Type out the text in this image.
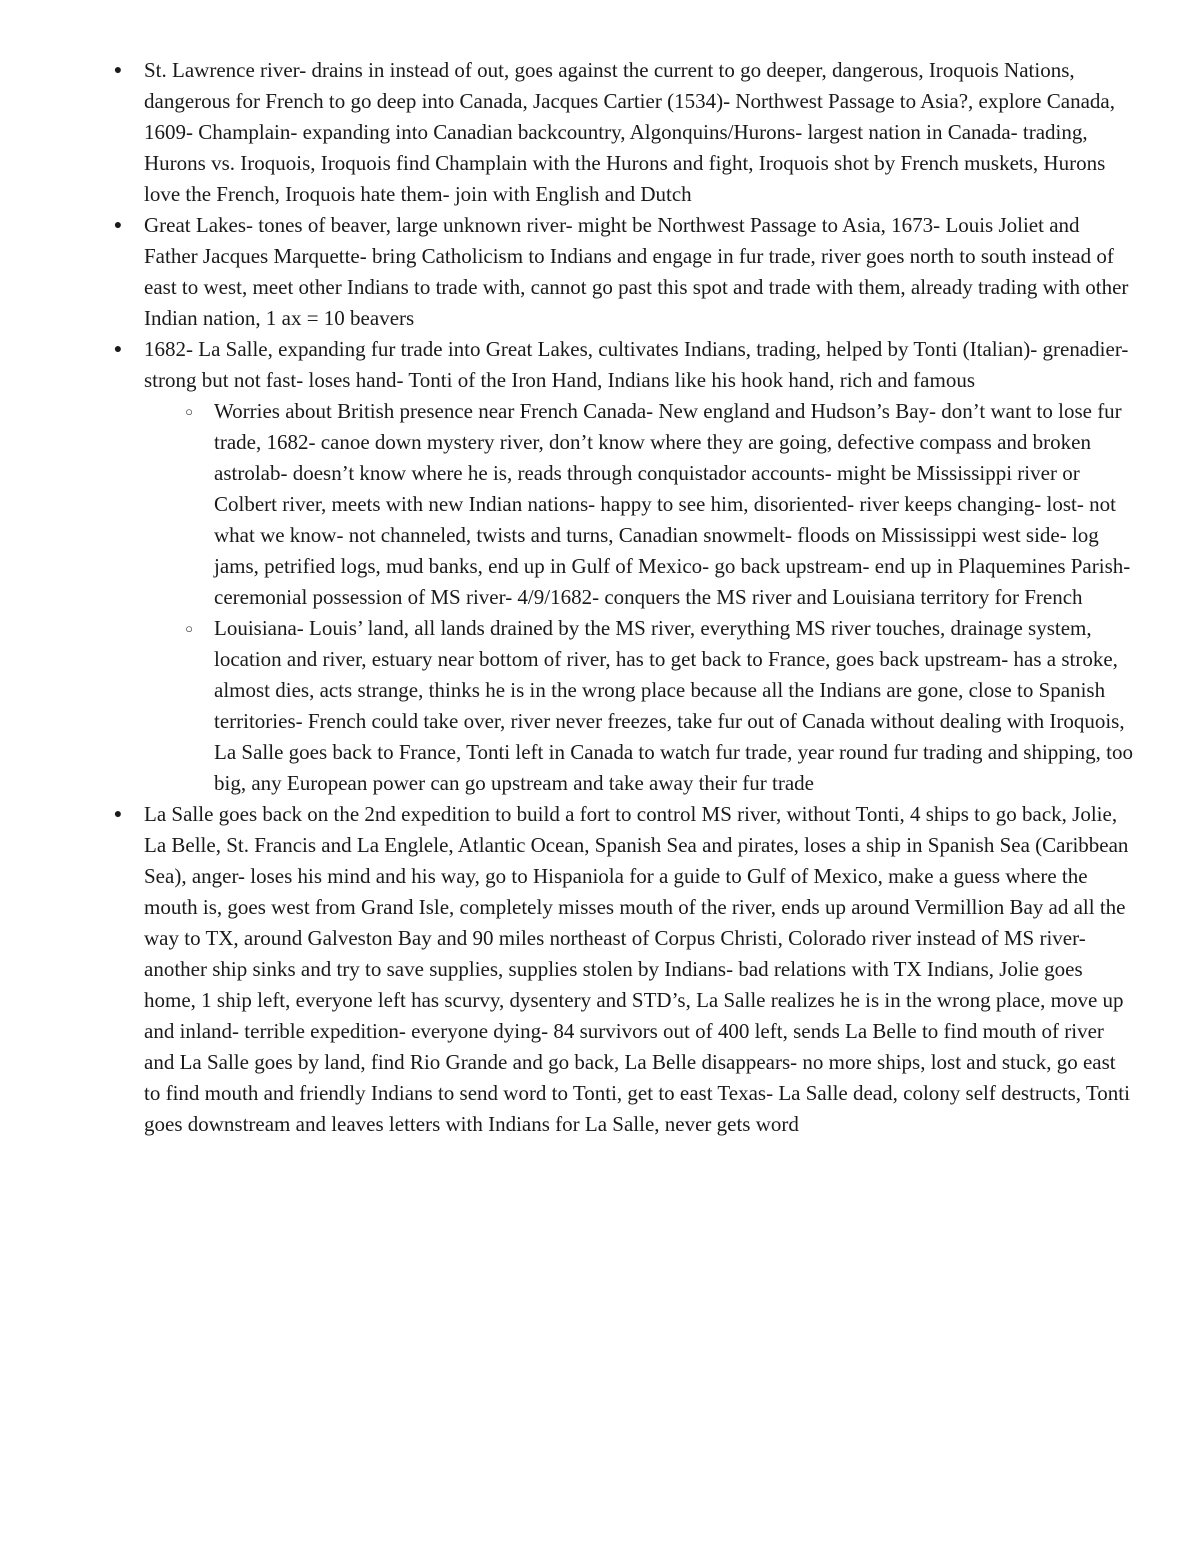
● St. Lawrence river- drains in instead of out, goes against the current to go deeper, dangerous, Iroquois Nations, dangerous for French to go deep into Canada, Jacques Cartier (1534)- Northwest Passage to Asia?, explore Canada, 1609- Champlain- expanding into Canadian backcountry, Algonquins/Hurons- largest nation in Canada- trading, Hurons vs. Iroquois, Iroquois find Champlain with the Hurons and fight, Iroquois shot by French muskets, Hurons love the French, Iroquois hate them- join with English and Dutch
● Great Lakes- tones of beaver, large unknown river- might be Northwest Passage to Asia, 1673- Louis Joliet and Father Jacques Marquette- bring Catholicism to Indians and engage in fur trade, river goes north to south instead of east to west, meet other Indians to trade with, cannot go past this spot and trade with them, already trading with other Indian nation, 1 ax = 10 beavers
● 1682- La Salle, expanding fur trade into Great Lakes, cultivates Indians, trading, helped by Tonti (Italian)- grenadier-strong but not fast- loses hand- Tonti of the Iron Hand, Indians like his hook hand, rich and famous
○ Worries about British presence near French Canada- New england and Hudson’s Bay- don’t want to lose fur trade, 1682- canoe down mystery river, don’t know where they are going, defective compass and broken astrolab- doesn’t know where he is, reads through conquistador accounts- might be Mississippi river or Colbert river, meets with new Indian nations- happy to see him, disoriented- river keeps changing- lost- not what we know- not channeled, twists and turns, Canadian snowmelt- floods on Mississippi west side- log jams, petrified logs, mud banks, end up in Gulf of Mexico- go back upstream- end up in Plaquemines Parish- ceremonial possession of MS river- 4/9/1682- conquers the MS river and Louisiana territory for French
○ Louisiana- Louis’ land, all lands drained by the MS river, everything MS river touches, drainage system, location and river, estuary near bottom of river, has to get back to France, goes back upstream- has a stroke, almost dies, acts strange, thinks he is in the wrong place because all the Indians are gone, close to Spanish territories- French could take over, river never freezes, take fur out of Canada without dealing with Iroquois, La Salle goes back to France, Tonti left in Canada to watch fur trade, year round fur trading and shipping, too big, any European power can go upstream and take away their fur trade
● La Salle goes back on the 2nd expedition to build a fort to control MS river, without Tonti, 4 ships to go back, Jolie, La Belle, St. Francis and La Englele, Atlantic Ocean, Spanish Sea and pirates, loses a ship in Spanish Sea (Caribbean Sea), anger- loses his mind and his way, go to Hispaniola for a guide to Gulf of Mexico, make a guess where the mouth is, goes west from Grand Isle, completely misses mouth of the river, ends up around Vermillion Bay ad all the way to TX, around Galveston Bay and 90 miles northeast of Corpus Christi, Colorado river instead of MS river- another ship sinks and try to save supplies, supplies stolen by Indians- bad relations with TX Indians, Jolie goes home, 1 ship left, everyone left has scurvy, dysentery and STD’s, La Salle realizes he is in the wrong place, move up and inland- terrible expedition- everyone dying- 84 survivors out of 400 left, sends La Belle to find mouth of river and La Salle goes by land, find Rio Grande and go back, La Belle disappears- no more ships, lost and stuck, go east to find mouth and friendly Indians to send word to Tonti, get to east Texas- La Salle dead, colony self destructs, Tonti goes downstream and leaves letters with Indians for La Salle, never gets word
